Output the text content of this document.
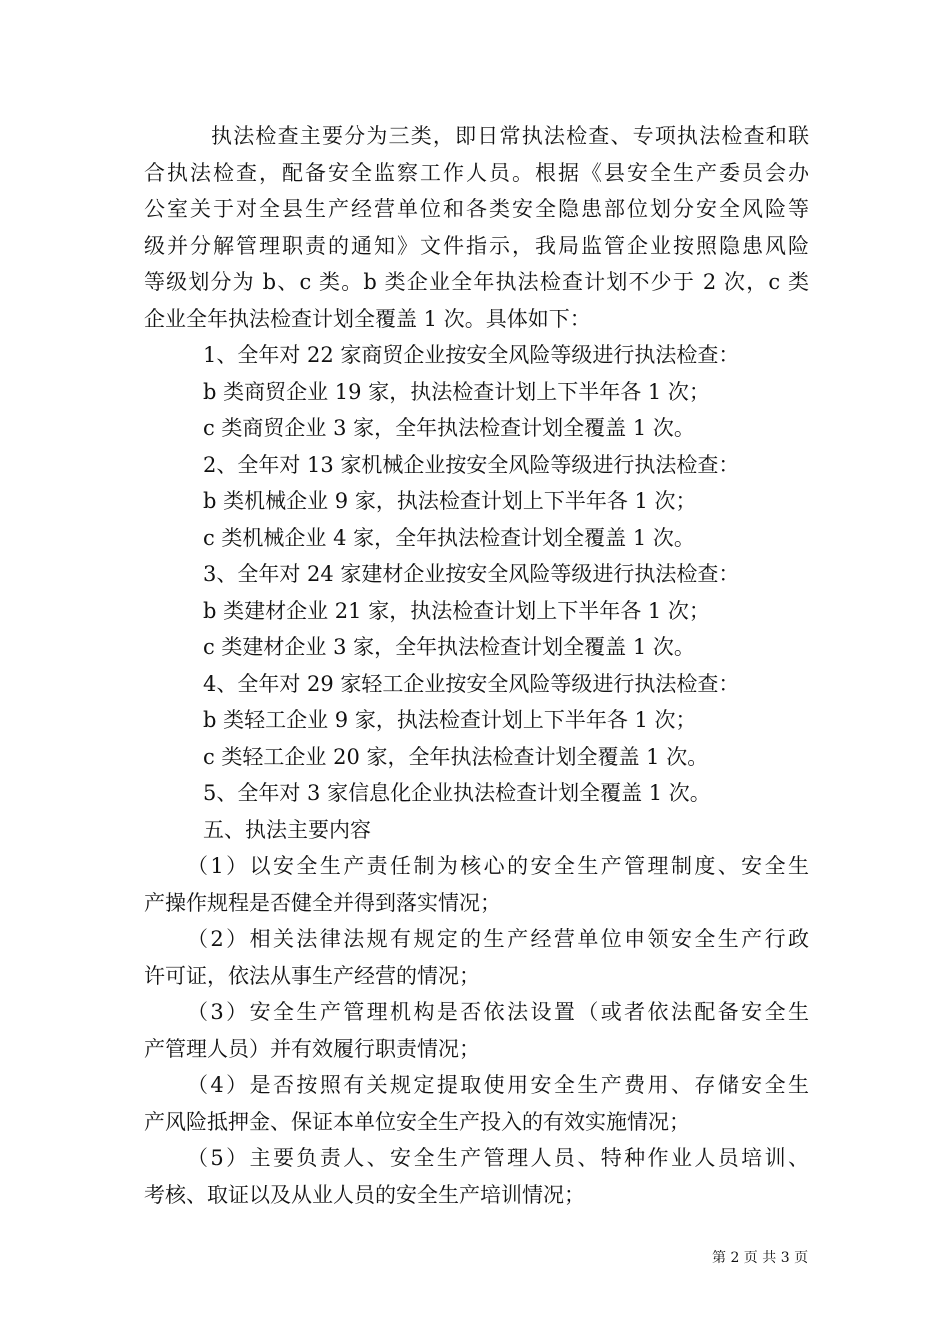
执法检查主要分为三类，即日常执法检查、专项执法检查和联
合执法检查，配备安全监察工作人员。根据《县安全生产委员会办
公室关于对全县生产经营单位和各类安全隐患部位划分安全风险等
级并分解管理职责的通知》文件指示，我局监管企业按照隐患风险
等级划分为 b、c 类。b 类企业全年执法检查计划不少于 2 次，c 类
企业全年执法检查计划全覆盖 1 次。具体如下：
1、全年对 22 家商贸企业按安全风险等级进行执法检查：
b 类商贸企业 19 家，执法检查计划上下半年各 1 次；
c 类商贸企业 3 家，全年执法检查计划全覆盖 1 次。
2、全年对 13 家机械企业按安全风险等级进行执法检查：
b 类机械企业 9 家，执法检查计划上下半年各 1 次；
c 类机械企业 4 家，全年执法检查计划全覆盖 1 次。
3、全年对 24 家建材企业按安全风险等级进行执法检查：
b 类建材企业 21 家，执法检查计划上下半年各 1 次；
c 类建材企业 3 家，全年执法检查计划全覆盖 1 次。
4、全年对 29 家轻工企业按安全风险等级进行执法检查：
b 类轻工企业 9 家，执法检查计划上下半年各 1 次；
c 类轻工企业 20 家，全年执法检查计划全覆盖 1 次。
5、全年对 3 家信息化企业执法检查计划全覆盖 1 次。
五、执法主要内容
（1）以安全生产责任制为核心的安全生产管理制度、安全生
产操作规程是否健全并得到落实情况；
（2）相关法律法规有规定的生产经营单位申领安全生产行政
许可证，依法从事生产经营的情况；
（3）安全生产管理机构是否依法设置（或者依法配备安全生
产管理人员）并有效履行职责情况；
（4）是否按照有关规定提取使用安全生产费用、存储安全生
产风险抵押金、保证本单位安全生产投入的有效实施情况；
（5）主要负责人、安全生产管理人员、特种作业人员培训、
考核、取证以及从业人员的安全生产培训情况；
第 2 页 共 3 页
